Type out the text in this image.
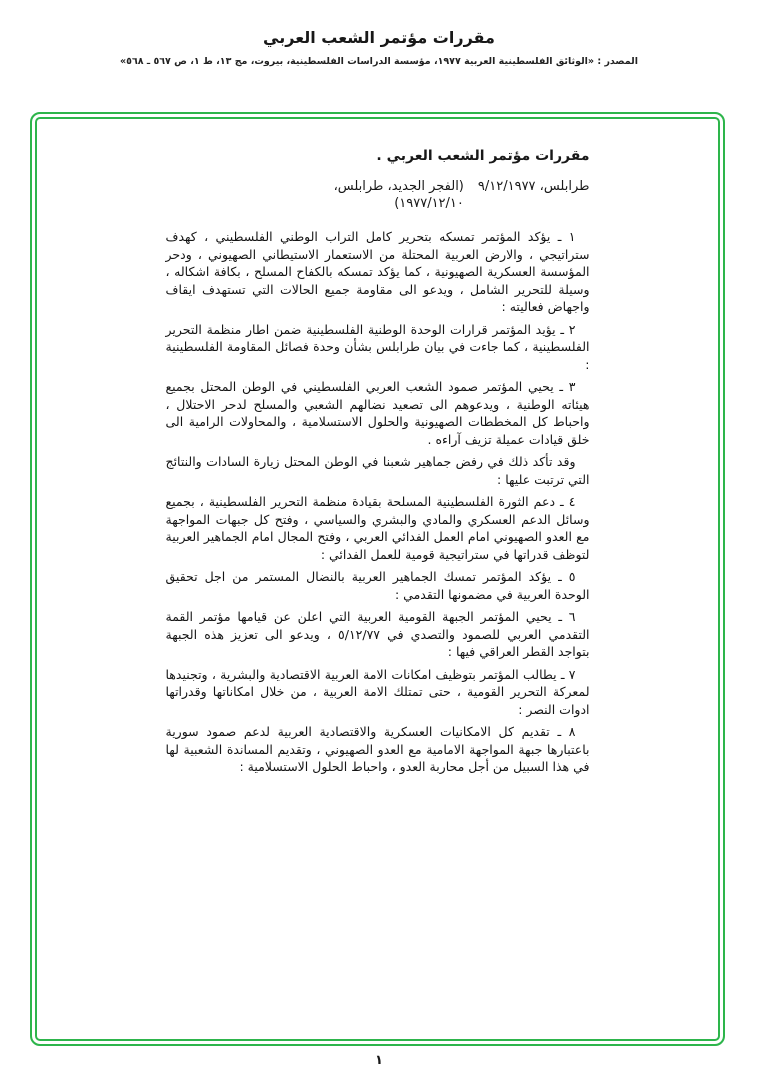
مقررات مؤتمر الشعب العربي
المصدر : «الوثائق الفلسطينية العربية ١٩٧٧، مؤسسة الدراسات الفلسطينية، بيروت، مج ١٣، ط ١، ص ٥٦٧ ـ ٥٦٨»
مقررات مؤتمر الشعب العربي .
طرابلس، ٩/١٢/١٩٧٧
(الفجر الجديد، طرابلس، ١٩٧٧/١٢/١٠)

١ ـ يؤكد المؤتمر تمسكه بتحرير كامل التراب الوطني الفلسطيني ، كهدف ستراتيجي ، والارض العربية المحتلة من الاستعمار الاستيطاني الصهيوني ، ودحر المؤسسة العسكرية الصهيونية ، كما يؤكد تمسكه بالكفاح المسلح ، بكافة اشكاله ، وسيلة للتحرير الشامل ، ويدعو الى مقاومة جميع الحالات التي تستهدف ايقاف واجهاض فعاليته :

٢ ـ يؤيد المؤتمر قرارات الوحدة الوطنية الفلسطينية ضمن اطار منظمة التحرير الفلسطينية ، كما جاءت في بيان طرابلس بشأن وحدة فصائل المقاومة الفلسطينية :

٣ ـ يحيي المؤتمر صمود الشعب العربي الفلسطيني في الوطن المحتل بجميع هيئاته الوطنية ، ويدعوهم الى تصعيد نضالهم الشعبي والمسلح لدحر الاحتلال ، واحباط كل المخططات الصهيونية والحلول الاستسلامية ، والمحاولات الرامية الى خلق قيادات عميلة تزيف آراءه .

وقد تأكد ذلك في رفض جماهير شعبنا في الوطن المحتل زيارة السادات والنتائج التي ترتبت عليها :

٤ ـ دعم الثورة الفلسطينية المسلحة بقيادة منظمة التحرير الفلسطينية ، بجميع وسائل الدعم العسكري والمادي والبشري والسياسي ، وفتح كل جبهات المواجهة مع العدو الصهيوني امام العمل الفدائي العربي ، وفتح المجال امام الجماهير العربية لتوظف قدراتها في ستراتيجية قومية للعمل الفدائي :

٥ ـ يؤكد المؤتمر تمسك الجماهير العربية بالنضال المستمر من اجل تحقيق الوحدة العربية في مضمونها التقدمي :

٦ ـ يحيي المؤتمر الجبهة القومية العربية التي اعلن عن قيامها مؤتمر القمة التقدمي العربي للصمود والتصدي في ٥/١٢/٧٧ ، ويدعو الى تعزيز هذه الجبهة بتواجد القطر العراقي فيها :

٧ ـ يطالب المؤتمر بتوظيف امكانات الامة العربية الاقتصادية والبشرية ، وتجنيدها لمعركة التحرير القومية ، حتى تمتلك الامة العربية ، من خلال امكاناتها وقدراتها ادوات النصر :

٨ ـ تقديم كل الامكانيات العسكرية والاقتصادية العربية لدعم صمود سورية باعتبارها جبهة المواجهة الامامية مع العدو الصهيوني ، وتقديم المساندة الشعبية لها في هذا السبيل من أجل محاربة العدو ، واحباط الحلول الاستسلامية :

١
